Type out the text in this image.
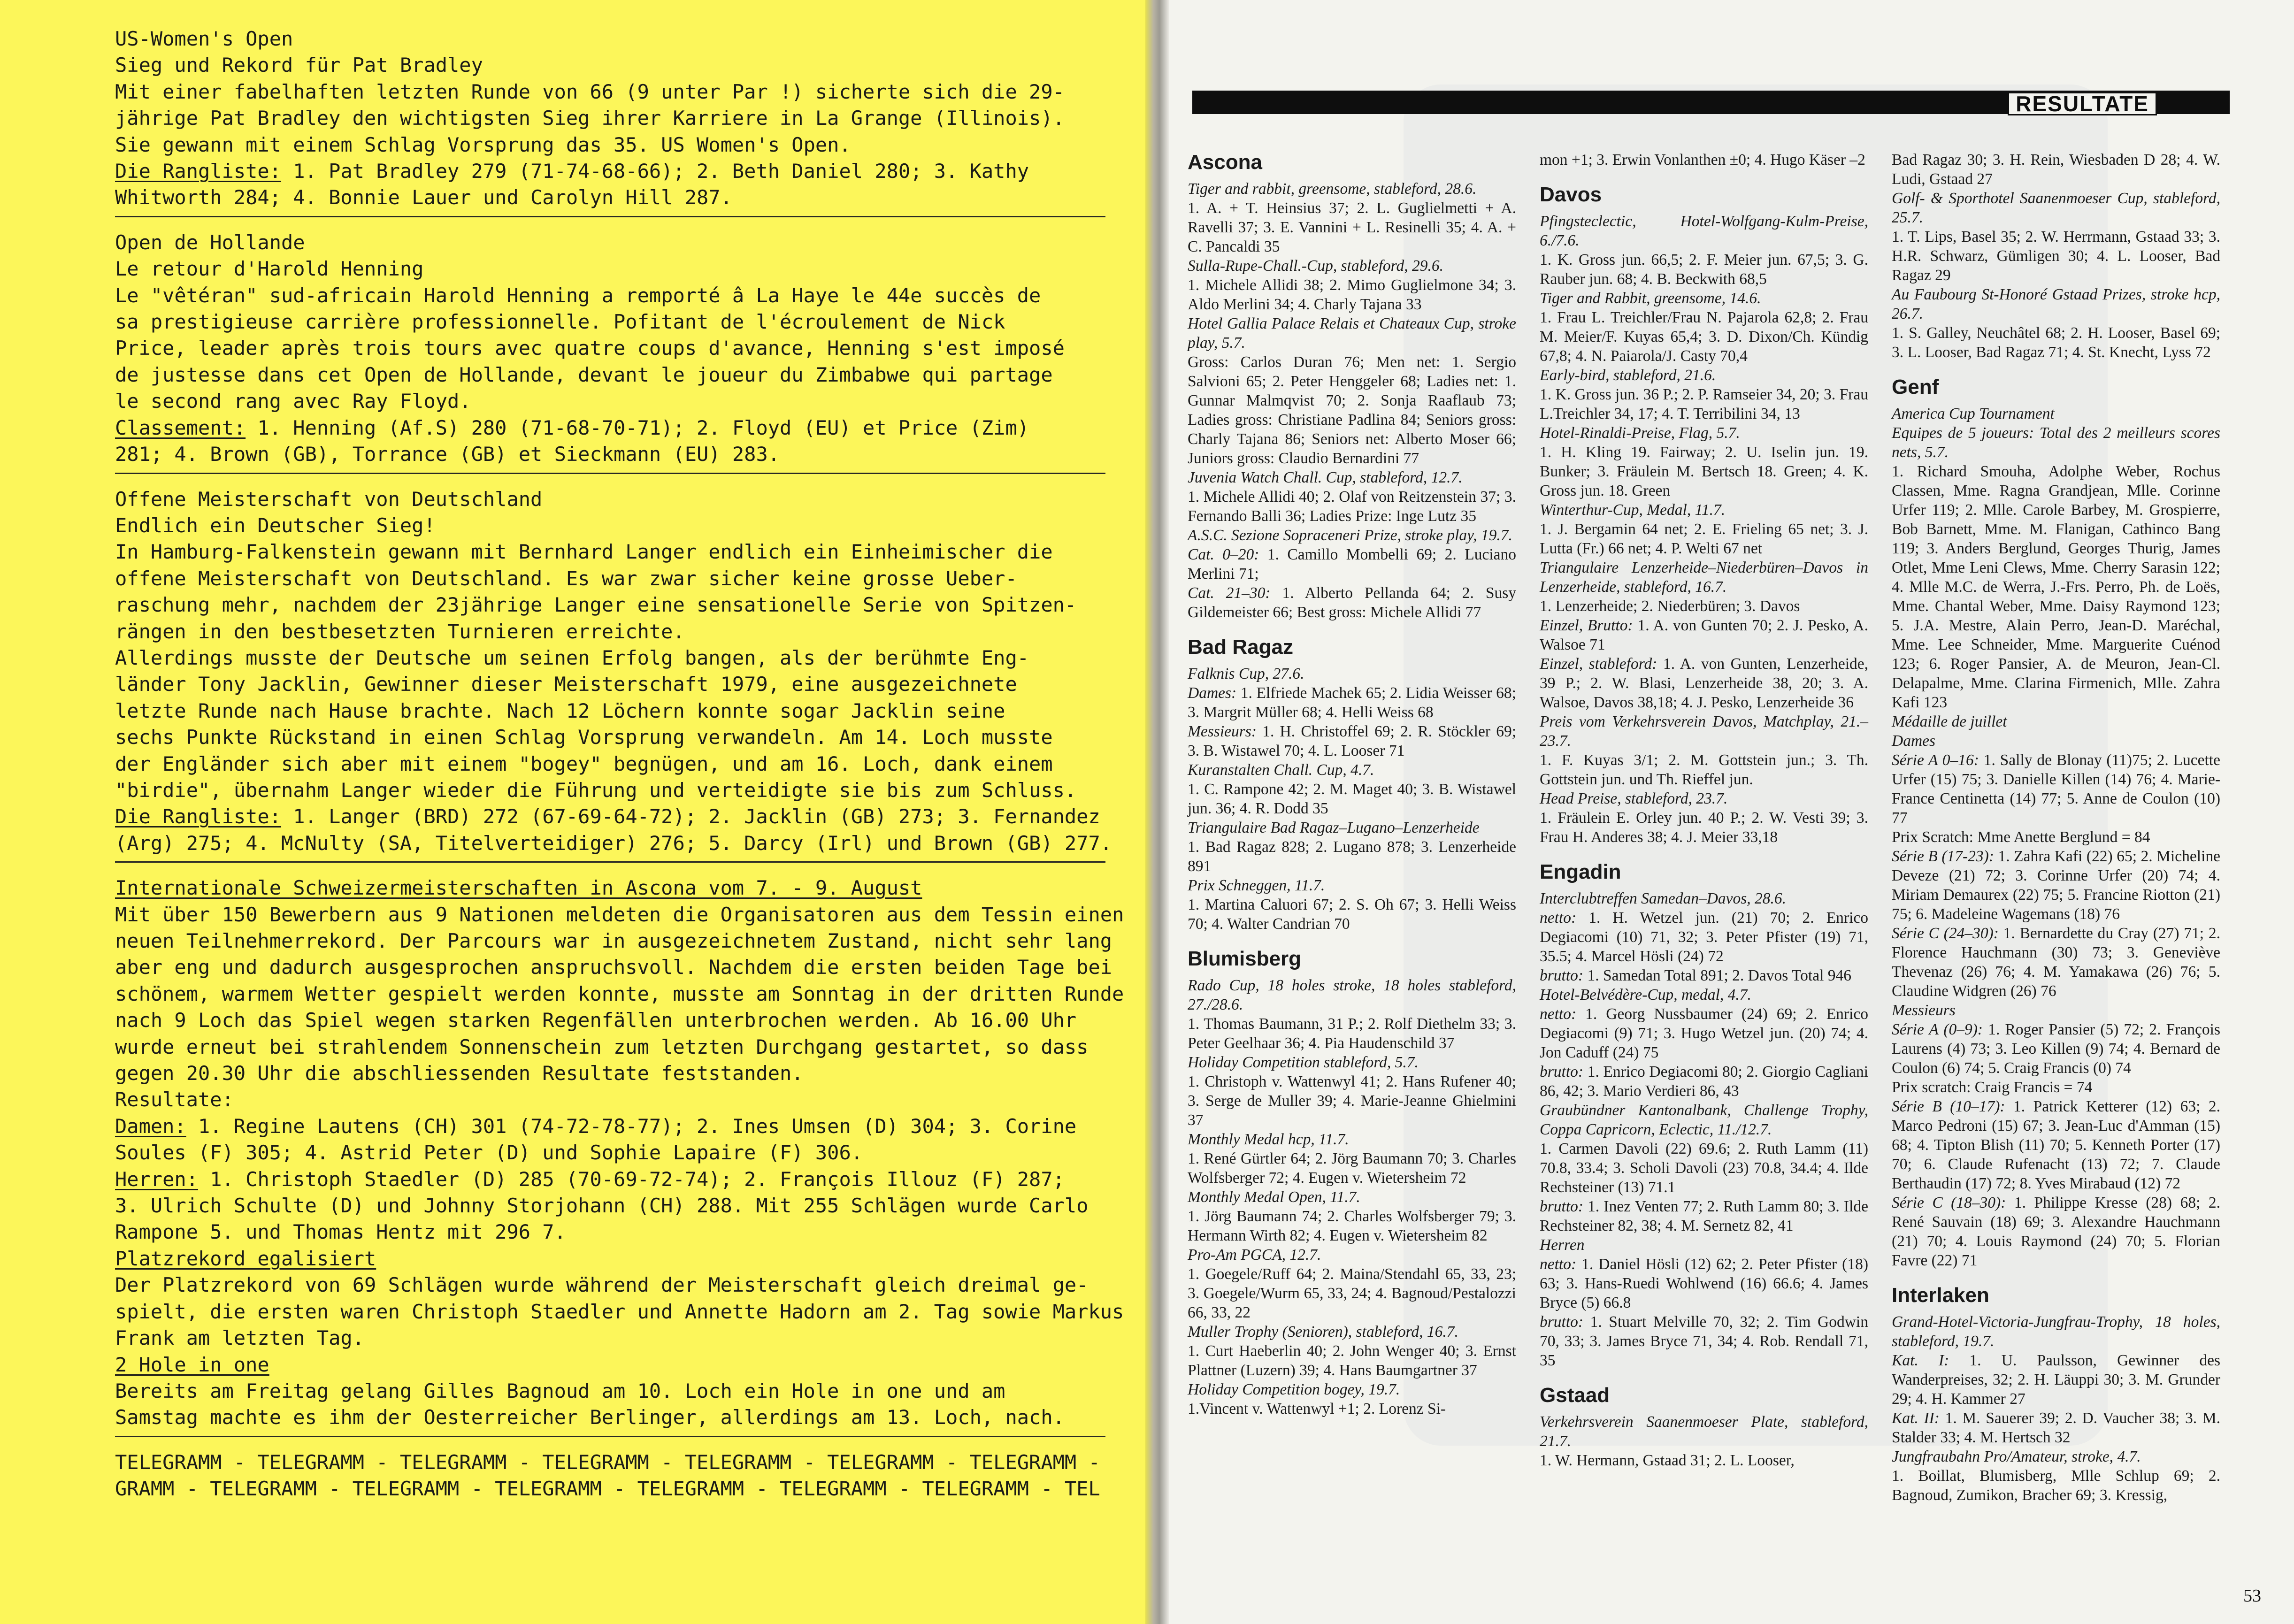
US-Women's Open

Sieg und Rekord für Pat Bradley

Mit einer fabelhaften letzten Runde von 66 (9 unter Par !) sicherte sich die 29-

jährige Pat Bradley den wichtigsten Sieg ihrer Karriere in La Grange (Illinois).

Sie gewann mit einem Schlag Vorsprung das 35. US Women's Open.

Die Rangliste: 1. Pat Bradley 279 (71-74-68-66); 2. Beth Daniel 280; 3. Kathy

Whitworth 284; 4. Bonnie Lauer und Carolyn Hill 287.

Open de Hollande

Le retour d'Harold Henning

Le "vêtéran" sud-africain Harold Henning a remporté â La Haye le 44e succès de

sa prestigieuse carrière professionnelle. Pofitant de l'écroulement de Nick

Price, leader après trois tours avec quatre coups d'avance, Henning s'est imposé

de justesse dans cet Open de Hollande, devant le joueur du Zimbabwe qui partage

le second rang avec Ray Floyd.

Classement: 1. Henning (Af.S) 280 (71-68-70-71); 2. Floyd (EU) et Price (Zim)

281; 4. Brown (GB), Torrance (GB) et Sieckmann (EU) 283.

Offene Meisterschaft von Deutschland

Endlich ein Deutscher Sieg!

In Hamburg-Falkenstein gewann mit Bernhard Langer endlich ein Einheimischer die

offene Meisterschaft von Deutschland. Es war zwar sicher keine grosse Ueber-

raschung mehr, nachdem der 23jährige Langer eine sensationelle Serie von Spitzen-

rängen in den bestbesetzten Turnieren erreichte.

Allerdings musste der Deutsche um seinen Erfolg bangen, als der berühmte Eng-

länder Tony Jacklin, Gewinner dieser Meisterschaft 1979, eine ausgezeichnete

letzte Runde nach Hause brachte. Nach 12 Löchern konnte sogar Jacklin seine

sechs Punkte Rückstand in einen Schlag Vorsprung verwandeln. Am 14. Loch musste

der Engländer sich aber mit einem "bogey" begnügen, und am 16. Loch, dank einem

"birdie", übernahm Langer wieder die Führung und verteidigte sie bis zum Schluss.

Die Rangliste: 1. Langer (BRD) 272 (67-69-64-72); 2. Jacklin (GB) 273; 3. Fernandez

(Arg) 275; 4. McNulty (SA, Titelverteidiger) 276; 5. Darcy (Irl) und Brown (GB) 277.

Internationale Schweizermeisterschaften in Ascona vom 7. - 9. August

Mit über 150 Bewerbern aus 9 Nationen meldeten die Organisatoren aus dem Tessin einen

neuen Teilnehmerrekord. Der Parcours war in ausgezeichnetem Zustand, nicht sehr lang

aber eng und dadurch ausgesprochen anspruchsvoll. Nachdem die ersten beiden Tage bei

schönem, warmem Wetter gespielt werden konnte, musste am Sonntag in der dritten Runde

nach 9 Loch das Spiel wegen starken Regenfällen unterbrochen werden. Ab 16.00 Uhr

wurde erneut bei strahlendem Sonnenschein zum letzten Durchgang gestartet, so dass

gegen 20.30 Uhr die abschliessenden Resultate feststanden.

Resultate:

Damen: 1. Regine Lautens (CH) 301 (74-72-78-77); 2. Ines Umsen (D) 304; 3. Corine

Soules (F) 305; 4. Astrid Peter (D) und Sophie Lapaire (F) 306.

Herren: 1. Christoph Staedler (D) 285 (70-69-72-74); 2. François Illouz (F) 287;

3. Ulrich Schulte (D) und Johnny Storjohann (CH) 288. Mit 255 Schlägen wurde Carlo

Rampone 5. und Thomas Hentz mit 296 7.

Platzrekord egalisiert

Der Platzrekord von 69 Schlägen wurde während der Meisterschaft gleich dreimal ge-

spielt, die ersten waren Christoph Staedler und Annette Hadorn am 2. Tag sowie Markus

Frank am letzten Tag.

2 Hole in one

Bereits am Freitag gelang Gilles Bagnoud am 10. Loch ein Hole in one und am

Samstag machte es ihm der Oesterreicher Berlinger, allerdings am 13. Loch, nach.

TELEGRAMM - TELEGRAMM - TELEGRAMM - TELEGRAMM - TELEGRAMM - TELEGRAMM - TELEGRAMM -

GRAMM - TELEGRAMM - TELEGRAMM - TELEGRAMM - TELEGRAMM - TELEGRAMM - TELEGRAMM - TEL

RESULTATE
Ascona

Tiger and rabbit, greensome, stableford, 28.6.

1. A. + T. Heinsius 37; 2. L. Guglielmetti + A. Ravelli 37; 3. E. Vannini + L. Resinelli 35; 4. A. + C. Pancaldi 35

Sulla-Rupe-Chall.-Cup, stableford, 29.6.

1. Michele Allidi 38; 2. Mimo Guglielmone 34; 3. Aldo Merlini 34; 4. Charly Tajana 33

Hotel Gallia Palace Relais et Chateaux Cup, stroke play, 5.7.

Gross: Carlos Duran 76; Men net: 1. Sergio Salvioni 65; 2. Peter Henggeler 68; Ladies net: 1. Gunnar Malmqvist 70; 2. Sonja Raaflaub 73; Ladies gross: Christiane Padlina 84; Seniors gross: Charly Tajana 86; Seniors net: Alberto Moser 66; Juniors gross: Claudio Bernardini 77

Juvenia Watch Chall. Cup, stableford, 12.7.

1. Michele Allidi 40; 2. Olaf von Reitzenstein 37; 3. Fernando Balli 36; Ladies Prize: Inge Lutz 35

A.S.C. Sezione Sopraceneri Prize, stroke play, 19.7.

Cat. 0–20: 1. Camillo Mombelli 69; 2. Luciano Merlini 71;

Cat. 21–30: 1. Alberto Pellanda 64; 2. Susy Gildemeister 66; Best gross: Michele Allidi 77

Bad Ragaz

Falknis Cup, 27.6.

Dames: 1. Elfriede Machek 65; 2. Lidia Weisser 68; 3. Margrit Müller 68; 4. Helli Weiss 68

Messieurs: 1. H. Christoffel 69; 2. R. Stöckler 69; 3. B. Wistawel 70; 4. L. Looser 71

Kuranstalten Chall. Cup, 4.7.

1. C. Rampone 42; 2. M. Maget 40; 3. B. Wistawel jun. 36; 4. R. Dodd 35

Triangulaire Bad Ragaz–Lugano–Lenzerheide

1. Bad Ragaz 828; 2. Lugano 878; 3. Lenzerheide 891

Prix Schneggen, 11.7.

1. Martina Caluori 67; 2. S. Oh 67; 3. Helli Weiss 70; 4. Walter Candrian 70

Blumisberg

Rado Cup, 18 holes stroke, 18 holes stableford, 27./28.6.

1. Thomas Baumann, 31 P.; 2. Rolf Diethelm 33; 3. Peter Geelhaar 36; 4. Pia Haudenschild 37

Holiday Competition stableford, 5.7.

1. Christoph v. Wattenwyl 41; 2. Hans Rufener 40; 3. Serge de Muller 39; 4. Marie-Jeanne Ghielmini 37

Monthly Medal hcp, 11.7.

1. René Gürtler 64; 2. Jörg Baumann 70; 3. Charles Wolfsberger 72; 4. Eugen v. Wietersheim 72

Monthly Medal Open, 11.7.

1. Jörg Baumann 74; 2. Charles Wolfsberger 79; 3. Hermann Wirth 82; 4. Eugen v. Wietersheim 82

Pro-Am PGCA, 12.7.

1. Goegele/Ruff 64; 2. Maina/Stendahl 65, 33, 23; 3. Goegele/Wurm 65, 33, 24; 4. Bagnoud/Pestalozzi 66, 33, 22

Muller Trophy (Senioren), stableford, 16.7.

1. Curt Haeberlin 40; 2. John Wenger 40; 3. Ernst Plattner (Luzern) 39; 4. Hans Baumgartner 37

Holiday Competition bogey, 19.7.

1.Vincent v. Wattenwyl +1; 2. Lorenz Si-

mon +1; 3. Erwin Vonlanthen ±0; 4. Hugo Käser –2

Davos

Pfingsteclectic, Hotel-Wolfgang-Kulm-Preise, 6./7.6.

1. K. Gross jun. 66,5; 2. F. Meier jun. 67,5; 3. G. Rauber jun. 68; 4. B. Beckwith 68,5

Tiger and Rabbit, greensome, 14.6.

1. Frau L. Treichler/Frau N. Pajarola 62,8; 2. Frau M. Meier/F. Kuyas 65,4; 3. D. Dixon/Ch. Kündig 67,8; 4. N. Paiarola/J. Casty 70,4

Early-bird, stableford, 21.6.

1. K. Gross jun. 36 P.; 2. P. Ramseier 34, 20; 3. Frau L.Treichler 34, 17; 4. T. Terribilini 34, 13

Hotel-Rinaldi-Preise, Flag, 5.7.

1. H. Kling 19. Fairway; 2. U. Iselin jun. 19. Bunker; 3. Fräulein M. Bertsch 18. Green; 4. K. Gross jun. 18. Green

Winterthur-Cup, Medal, 11.7.

1. J. Bergamin 64 net; 2. E. Frieling 65 net; 3. J. Lutta (Fr.) 66 net; 4. P. Welti 67 net

Triangulaire Lenzerheide–Niederbüren–Davos in Lenzerheide, stableford, 16.7.

1. Lenzerheide; 2. Niederbüren; 3. Davos

Einzel, Brutto: 1. A. von Gunten 70; 2. J. Pesko, A. Walsoe 71

Einzel, stableford: 1. A. von Gunten, Lenzerheide, 39 P.; 2. W. Blasi, Lenzerheide 38, 20; 3. A. Walsoe, Davos 38,18; 4. J. Pesko, Lenzerheide 36

Preis vom Verkehrsverein Davos, Matchplay, 21.–23.7.

1. F. Kuyas 3/1; 2. M. Gottstein jun.; 3. Th. Gottstein jun. und Th. Rieffel jun.

Head Preise, stableford, 23.7.

1. Fräulein E. Orley jun. 40 P.; 2. W. Vesti 39; 3. Frau H. Anderes 38; 4. J. Meier 33,18

Engadin

Interclubtreffen Samedan–Davos, 28.6.

netto: 1. H. Wetzel jun. (21) 70; 2. Enrico Degiacomi (10) 71, 32; 3. Peter Pfister (19) 71, 35.5; 4. Marcel Hösli (24) 72

brutto: 1. Samedan Total 891; 2. Davos Total 946

Hotel-Belvédère-Cup, medal, 4.7.

netto: 1. Georg Nussbaumer (24) 69; 2. Enrico Degiacomi (9) 71; 3. Hugo Wetzel jun. (20) 74; 4. Jon Caduff (24) 75

brutto: 1. Enrico Degiacomi 80; 2. Giorgio Cagliani 86, 42; 3. Mario Verdieri 86, 43

Graubündner Kantonalbank, Challenge Trophy, Coppa Capricorn, Eclectic, 11./12.7.

1. Carmen Davoli (22) 69.6; 2. Ruth Lamm (11) 70.8, 33.4; 3. Scholi Davoli (23) 70.8, 34.4; 4. Ilde Rechsteiner (13) 71.1

brutto: 1. Inez Venten 77; 2. Ruth Lamm 80; 3. Ilde Rechsteiner 82, 38; 4. M. Sernetz 82, 41

Herren

netto: 1. Daniel Hösli (12) 62; 2. Peter Pfister (18) 63; 3. Hans-Ruedi Wohlwend (16) 66.6; 4. James Bryce (5) 66.8

brutto: 1. Stuart Melville 70, 32; 2. Tim Godwin 70, 33; 3. James Bryce 71, 34; 4. Rob. Rendall 71, 35

Gstaad

Verkehrsverein Saanenmoeser Plate, stableford, 21.7.

1. W. Hermann, Gstaad 31; 2. L. Looser,

Bad Ragaz 30; 3. H. Rein, Wiesbaden D 28; 4. W. Ludi, Gstaad 27

Golf- & Sporthotel Saanenmoeser Cup, stableford, 25.7.

1. T. Lips, Basel 35; 2. W. Herrmann, Gstaad 33; 3. H.R. Schwarz, Gümligen 30; 4. L. Looser, Bad Ragaz 29

Au Faubourg St-Honoré Gstaad Prizes, stroke hcp, 26.7.

1. S. Galley, Neuchâtel 68; 2. H. Looser, Basel 69; 3. L. Looser, Bad Ragaz 71; 4. St. Knecht, Lyss 72

Genf

America Cup Tournament

Equipes de 5 joueurs: Total des 2 meilleurs scores nets, 5.7.

1. Richard Smouha, Adolphe Weber, Rochus Classen, Mme. Ragna Grandjean, Mlle. Corinne Urfer 119; 2. Mlle. Carole Barbey, M. Grospierre, Bob Barnett, Mme. M. Flanigan, Cathinco Bang 119; 3. Anders Berglund, Georges Thurig, James Otlet, Mme Leni Clews, Mme. Cherry Sarasin 122; 4. Mlle M.C. de Werra, J.-Frs. Perro, Ph. de Loës, Mme. Chantal Weber, Mme. Daisy Raymond 123; 5. J.A. Mestre, Alain Perro, Jean-D. Maréchal, Mme. Lee Schneider, Mme. Marguerite Cuénod 123; 6. Roger Pansier, A. de Meuron, Jean-Cl. Delapalme, Mme. Clarina Firmenich, Mlle. Zahra Kafi 123

Médaille de juillet

Dames

Série A 0–16: 1. Sally de Blonay (11)75; 2. Lucette Urfer (15) 75; 3. Danielle Killen (14) 76; 4. Marie-France Centinetta (14) 77; 5. Anne de Coulon (10) 77

Prix Scratch: Mme Anette Berglund = 84

Série B (17-23): 1. Zahra Kafi (22) 65; 2. Micheline Deveze (21) 72; 3. Corinne Urfer (20) 74; 4. Miriam Demaurex (22) 75; 5. Francine Riotton (21) 75; 6. Madeleine Wagemans (18) 76

Série C (24–30): 1. Bernardette du Cray (27) 71; 2. Florence Hauchmann (30) 73; 3. Geneviève Thevenaz (26) 76; 4. M. Yamakawa (26) 76; 5. Claudine Widgren (26) 76

Messieurs

Série A (0–9): 1. Roger Pansier (5) 72; 2. François Laurens (4) 73; 3. Leo Killen (9) 74; 4. Bernard de Coulon (6) 74; 5. Craig Francis (0) 74

Prix scratch: Craig Francis = 74

Série B (10–17): 1. Patrick Ketterer (12) 63; 2. Marco Pedroni (15) 67; 3. Jean-Luc d'Amman (15) 68; 4. Tipton Blish (11) 70; 5. Kenneth Porter (17) 70; 6. Claude Rufenacht (13) 72; 7. Claude Berthaudin (17) 72; 8. Yves Mirabaud (12) 72

Série C (18–30): 1. Philippe Kresse (28) 68; 2. René Sauvain (18) 69; 3. Alexandre Hauchmann (21) 70; 4. Louis Raymond (24) 70; 5. Florian Favre (22) 71

Interlaken

Grand-Hotel-Victoria-Jungfrau-Trophy, 18 holes, stableford, 19.7.

Kat. I: 1. U. Paulsson, Gewinner des Wanderpreises, 32; 2. H. Läuppi 30; 3. M. Grunder 29; 4. H. Kammer 27

Kat. II: 1. M. Sauerer 39; 2. D. Vaucher 38; 3. M. Stalder 33; 4. M. Hertsch 32

Jungfraubahn Pro/Amateur, stroke, 4.7.

1. Boillat, Blumisberg, Mlle Schlup 69; 2. Bagnoud, Zumikon, Bracher 69; 3. Kressig,

53
